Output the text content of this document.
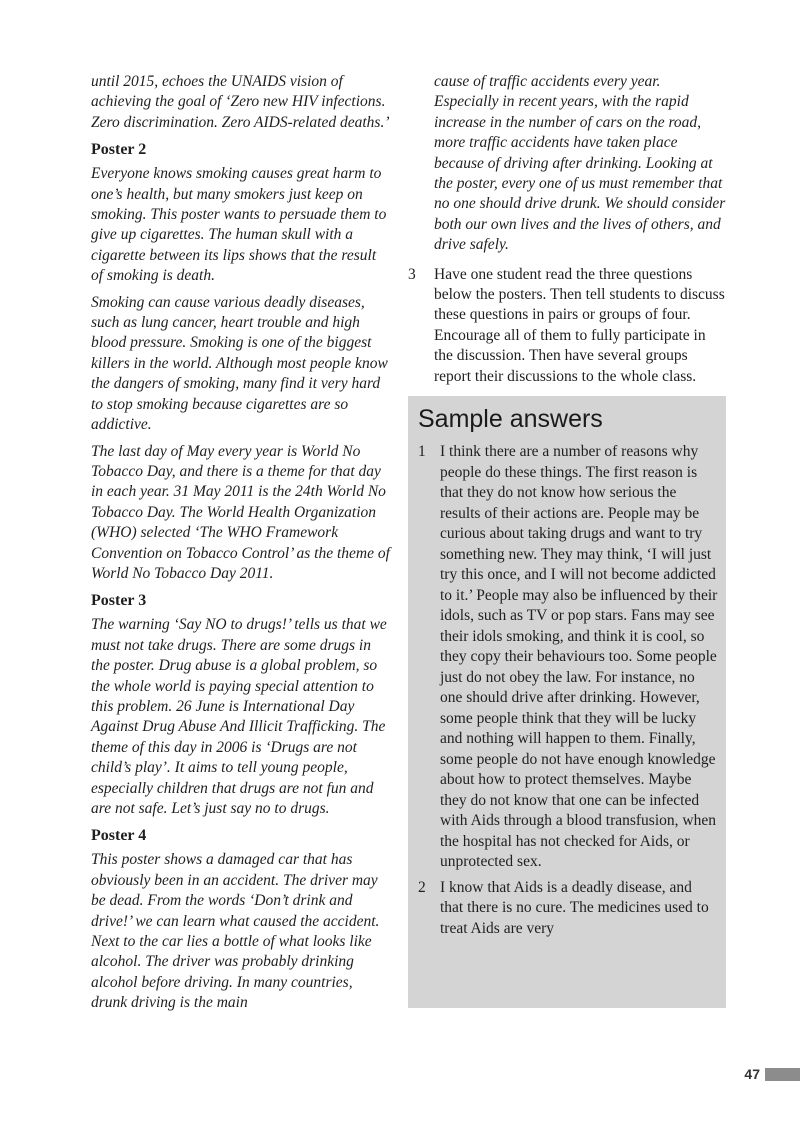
until 2015, echoes the UNAIDS vision of achieving the goal of ‘Zero new HIV infections. Zero discrimination. Zero AIDS-related deaths.’

Poster 2

Everyone knows smoking causes great harm to one’s health, but many smokers just keep on smoking. This poster wants to persuade them to give up cigarettes. The human skull with a cigarette between its lips shows that the result of smoking is death.

Smoking can cause various deadly diseases, such as lung cancer, heart trouble and high blood pressure. Smoking is one of the biggest killers in the world. Although most people know the dangers of smoking, many find it very hard to stop smoking because cigarettes are so addictive.

The last day of May every year is World No Tobacco Day, and there is a theme for that day in each year. 31 May 2011 is the 24th World No Tobacco Day. The World Health Organization (WHO) selected ‘The WHO Framework Convention on Tobacco Control’ as the theme of World No Tobacco Day 2011.

Poster 3

The warning ‘Say NO to drugs!’ tells us that we must not take drugs. There are some drugs in the poster. Drug abuse is a global problem, so the whole world is paying special attention to this problem. 26 June is International Day Against Drug Abuse And Illicit Trafficking. The theme of this day in 2006 is ‘Drugs are not child’s play’. It aims to tell young people, especially children that drugs are not fun and are not safe. Let’s just say no to drugs.

Poster 4

This poster shows a damaged car that has obviously been in an accident. The driver may be dead. From the words ‘Don’t drink and drive!’ we can learn what caused the accident. Next to the car lies a bottle of what looks like alcohol. The driver was probably drinking alcohol before driving. In many countries, drunk driving is the main

cause of traffic accidents every year. Especially in recent years, with the rapid increase in the number of cars on the road, more traffic accidents have taken place because of driving after drinking. Looking at the poster, every one of us must remember that no one should drive drunk. We should consider both our own lives and the lives of others, and drive safely.

3 Have one student read the three questions below the posters. Then tell students to discuss these questions in pairs or groups of four. Encourage all of them to fully participate in the discussion. Then have several groups report their discussions to the whole class.

Sample answers

1 I think there are a number of reasons why people do these things. The first reason is that they do not know how serious the results of their actions are. People may be curious about taking drugs and want to try something new. They may think, ‘I will just try this once, and I will not become addicted to it.’ People may also be influenced by their idols, such as TV or pop stars. Fans may see their idols smoking, and think it is cool, so they copy their behaviours too. Some people just do not obey the law. For instance, no one should drive after drinking. However, some people think that they will be lucky and nothing will happen to them. Finally, some people do not have enough knowledge about how to protect themselves. Maybe they do not know that one can be infected with Aids through a blood transfusion, when the hospital has not checked for Aids, or unprotected sex.

2 I know that Aids is a deadly disease, and that there is no cure. The medicines used to treat Aids are very

47
